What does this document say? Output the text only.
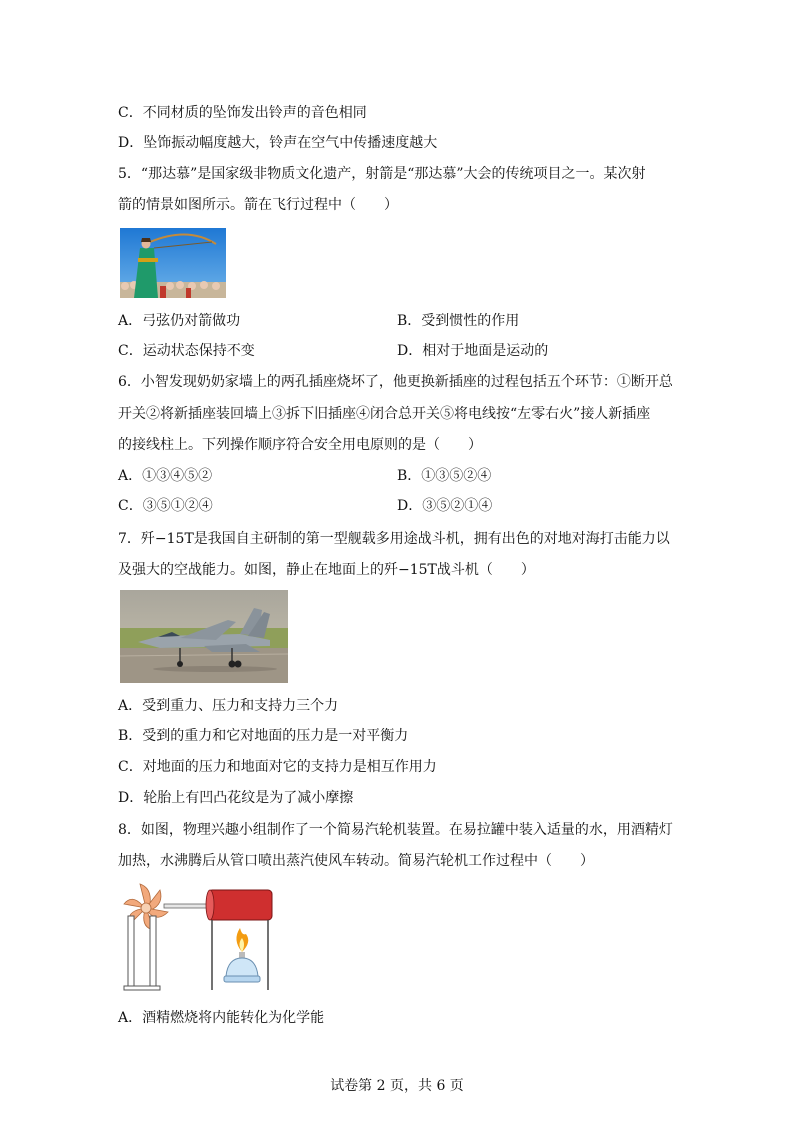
C．不同材质的坠饰发出铃声的音色相同
D．坠饰振动幅度越大，铃声在空气中传播速度越大
5．“那达慕”是国家级非物质文化遗产，射箭是“那达慕”大会的传统项目之一。某次射
箭的情景如图所示。箭在飞行过程中（　　）
A．弓弦仍对箭做功	B．受到惯性的作用
C．运动状态保持不变	D．相对于地面是运动的
6．小智发现奶奶家墙上的两孔插座烧坏了，他更换新插座的过程包括五个环节：①断开总
开关②将新插座装回墙上③拆下旧插座④闭合总开关⑤将电线按“左零右火”接人新插座
的接线柱上。下列操作顺序符合安全用电原则的是（　　）
A．①③④⑤②	B．①③⑤②④
C．③⑤①②④	D．③⑤②①④
7．歼−15T是我国自主研制的第一型舰载多用途战斗机，拥有出色的对地对海打击能力以
及强大的空战能力。如图，静止在地面上的歼−15T战斗机（　　）
A．受到重力、压力和支持力三个力
B．受到的重力和它对地面的压力是一对平衡力
C．对地面的压力和地面对它的支持力是相互作用力
D．轮胎上有凹凸花纹是为了减小摩擦
8．如图，物理兴趣小组制作了一个简易汽轮机装置。在易拉罐中装入适量的水，用酒精灯
加热，水沸腾后从管口喷出蒸汽使风车转动。简易汽轮机工作过程中（　　）
A．酒精燃烧将内能转化为化学能
试卷第 2 页，共 6 页
